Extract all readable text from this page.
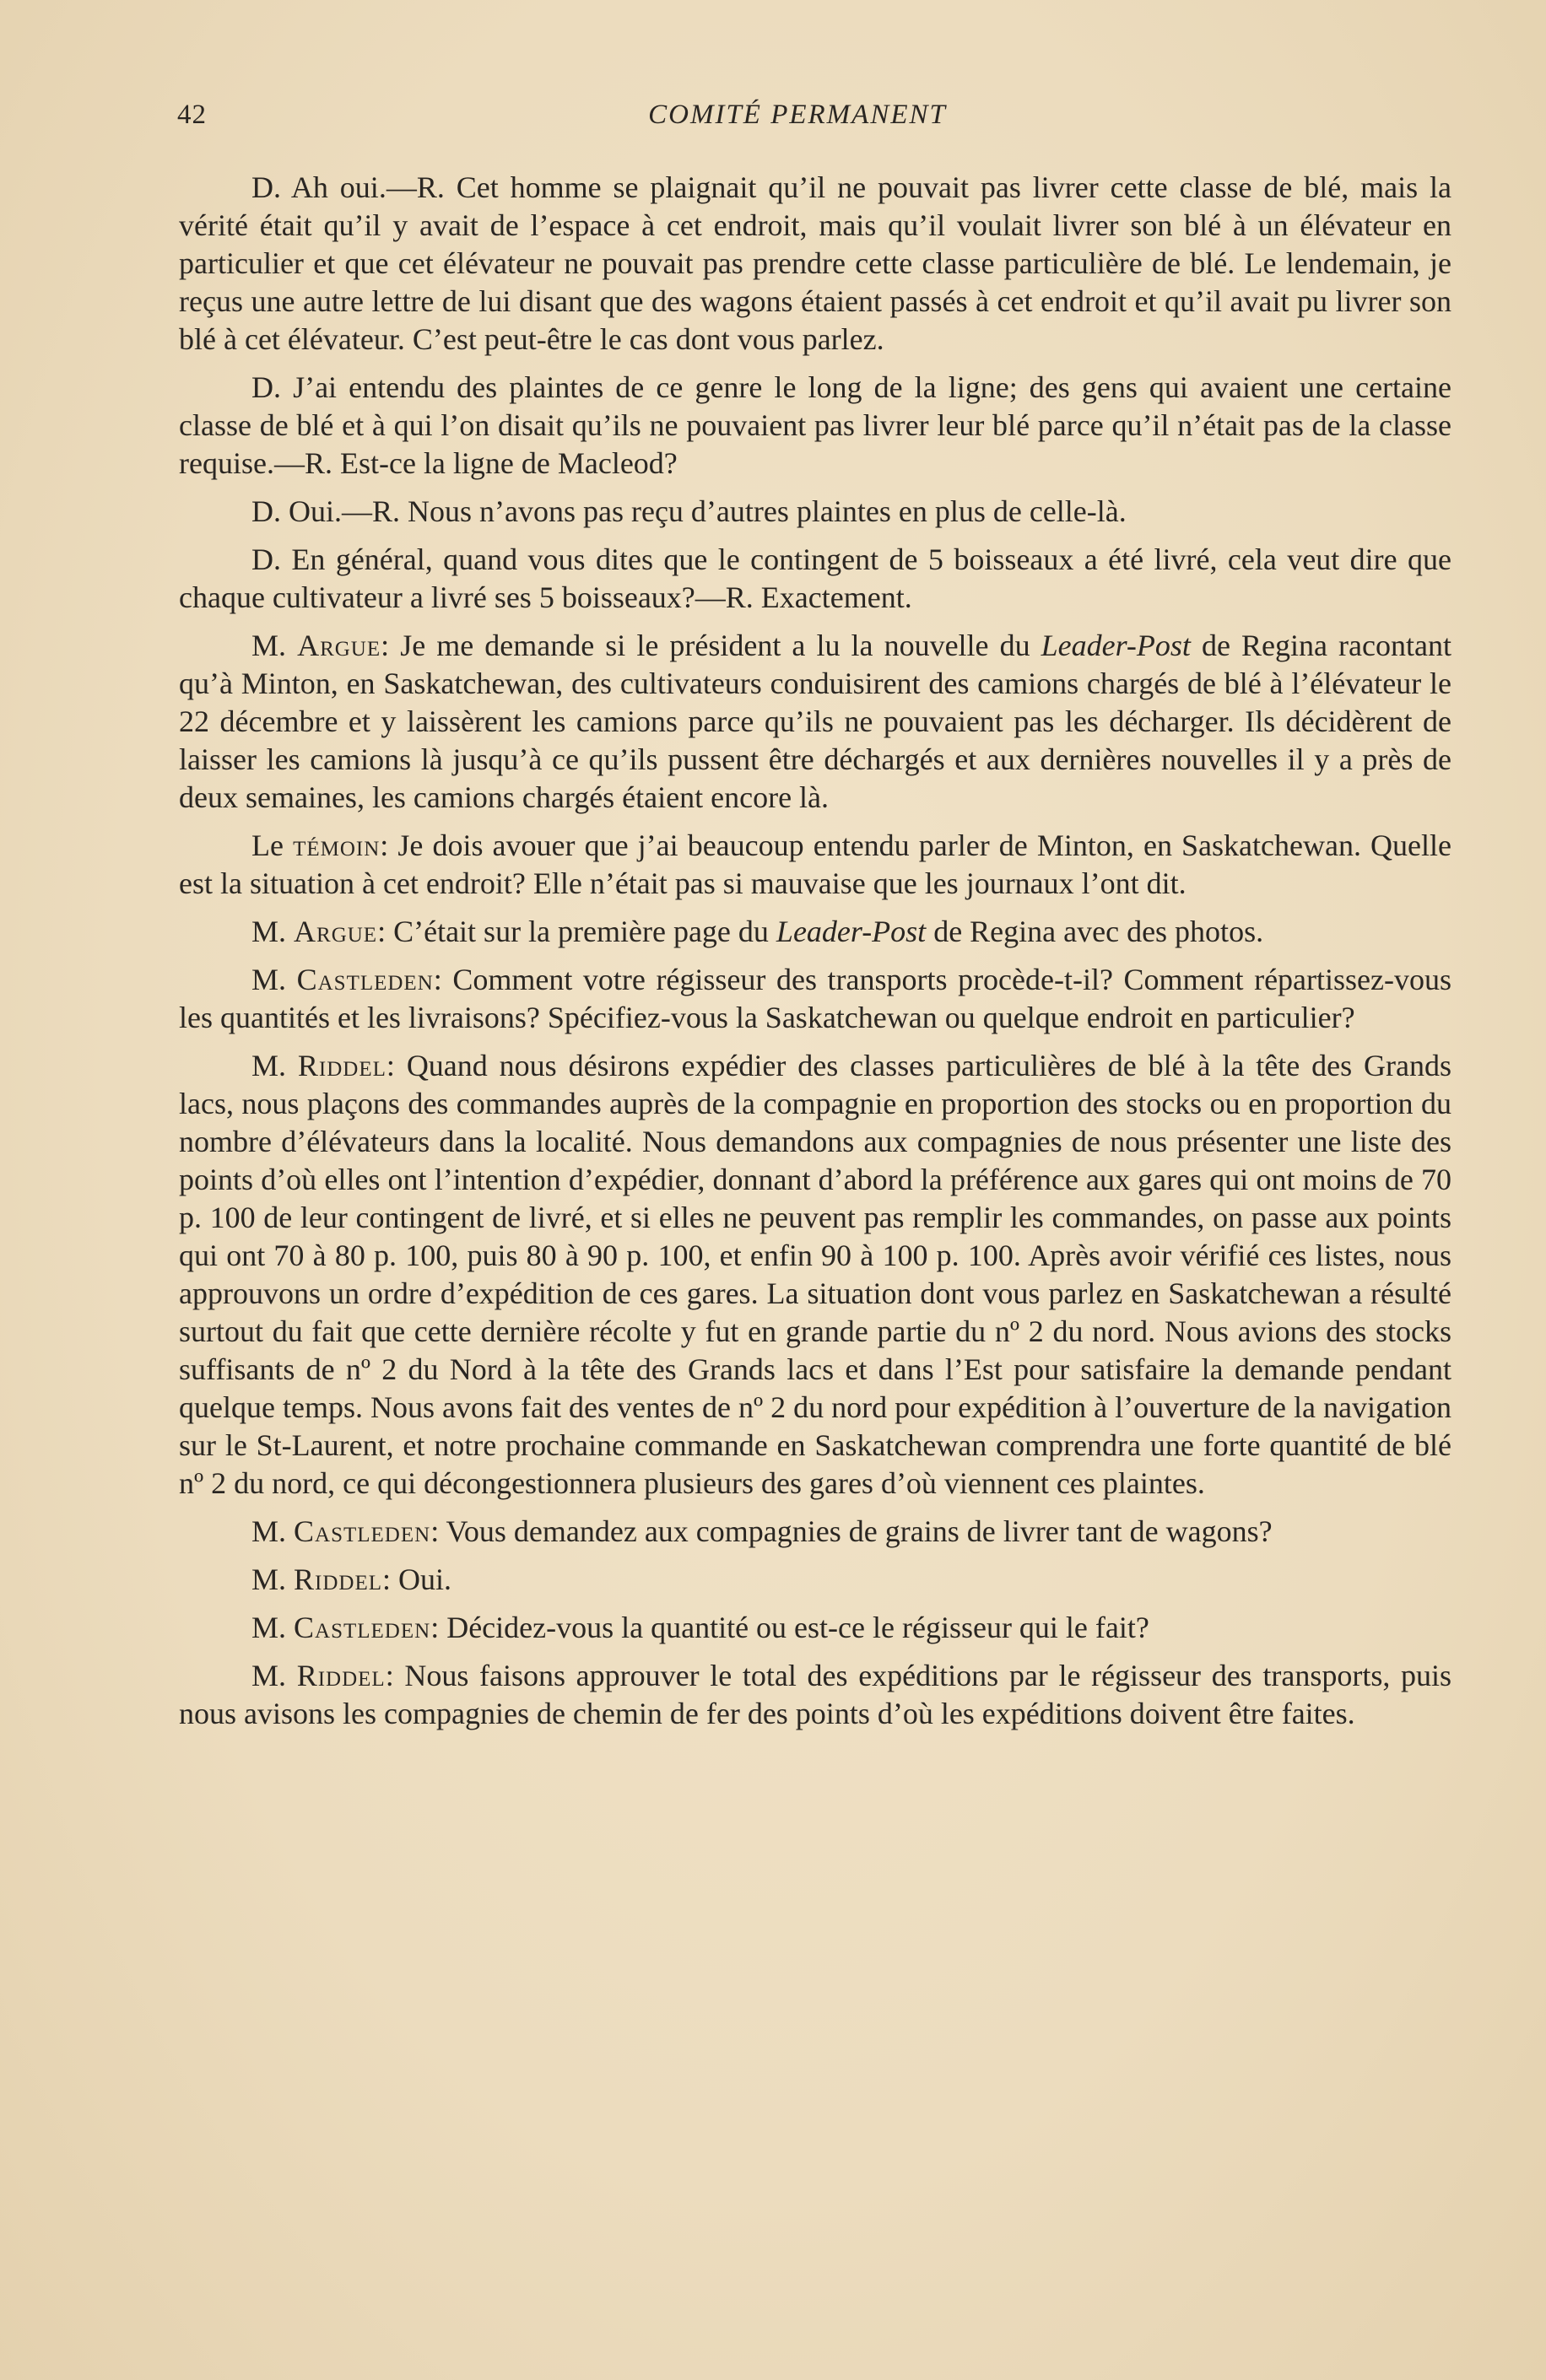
42	COMITÉ PERMANENT

D. Ah oui.—R. Cet homme se plaignait qu’il ne pouvait pas livrer cette classe de blé, mais la vérité était qu’il y avait de l’espace à cet endroit, mais qu’il voulait livrer son blé à un élévateur en particulier et que cet élévateur ne pouvait pas prendre cette classe particulière de blé. Le lendemain, je reçus une autre lettre de lui disant que des wagons étaient passés à cet endroit et qu’il avait pu livrer son blé à cet élévateur. C’est peut-être le cas dont vous parlez.

D. J’ai entendu des plaintes de ce genre le long de la ligne; des gens qui avaient une certaine classe de blé et à qui l’on disait qu’ils ne pouvaient pas livrer leur blé parce qu’il n’était pas de la classe requise.—R. Est-ce la ligne de Macleod?

D. Oui.—R. Nous n’avons pas reçu d’autres plaintes en plus de celle-là.

D. En général, quand vous dites que le contingent de 5 boisseaux a été livré, cela veut dire que chaque cultivateur a livré ses 5 boisseaux?—R. Exactement.

M. Argue: Je me demande si le président a lu la nouvelle du Leader-Post de Regina racontant qu’à Minton, en Saskatchewan, des cultivateurs conduisirent des camions chargés de blé à l’élévateur le 22 décembre et y laissèrent les camions parce qu’ils ne pouvaient pas les décharger. Ils décidèrent de laisser les camions là jusqu’à ce qu’ils pussent être déchargés et aux dernières nouvelles il y a près de deux semaines, les camions chargés étaient encore là.

Le témoin: Je dois avouer que j’ai beaucoup entendu parler de Minton, en Saskatchewan. Quelle est la situation à cet endroit? Elle n’était pas si mauvaise que les journaux l’ont dit.

M. Argue: C’était sur la première page du Leader-Post de Regina avec des photos.

M. Castleden: Comment votre régisseur des transports procède-t-il? Comment répartissez-vous les quantités et les livraisons? Spécifiez-vous la Saskatchewan ou quelque endroit en particulier?

M. Riddel: Quand nous désirons expédier des classes particulières de blé à la tête des Grands lacs, nous plaçons des commandes auprès de la compagnie en proportion des stocks ou en proportion du nombre d’élévateurs dans la localité. Nous demandons aux compagnies de nous présenter une liste des points d’où elles ont l’intention d’expédier, donnant d’abord la préférence aux gares qui ont moins de 70 p. 100 de leur contingent de livré, et si elles ne peuvent pas remplir les commandes, on passe aux points qui ont 70 à 80 p. 100, puis 80 à 90 p. 100, et enfin 90 à 100 p. 100. Après avoir vérifié ces listes, nous approuvons un ordre d’expédition de ces gares. La situation dont vous parlez en Saskatchewan a résulté surtout du fait que cette dernière récolte y fut en grande partie du nº 2 du nord. Nous avions des stocks suffisants de nº 2 du Nord à la tête des Grands lacs et dans l’Est pour satisfaire la demande pendant quelque temps. Nous avons fait des ventes de nº 2 du nord pour expédition à l’ouverture de la navigation sur le St-Laurent, et notre prochaine commande en Saskatchewan comprendra une forte quantité de blé nº 2 du nord, ce qui décongestionnera plusieurs des gares d’où viennent ces plaintes.

M. Castleden: Vous demandez aux compagnies de grains de livrer tant de wagons?

M. Riddel: Oui.

M. Castleden: Décidez-vous la quantité ou est-ce le régisseur qui le fait?

M. Riddel: Nous faisons approuver le total des expéditions par le régisseur des transports, puis nous avisons les compagnies de chemin de fer des points d’où les expéditions doivent être faites.
